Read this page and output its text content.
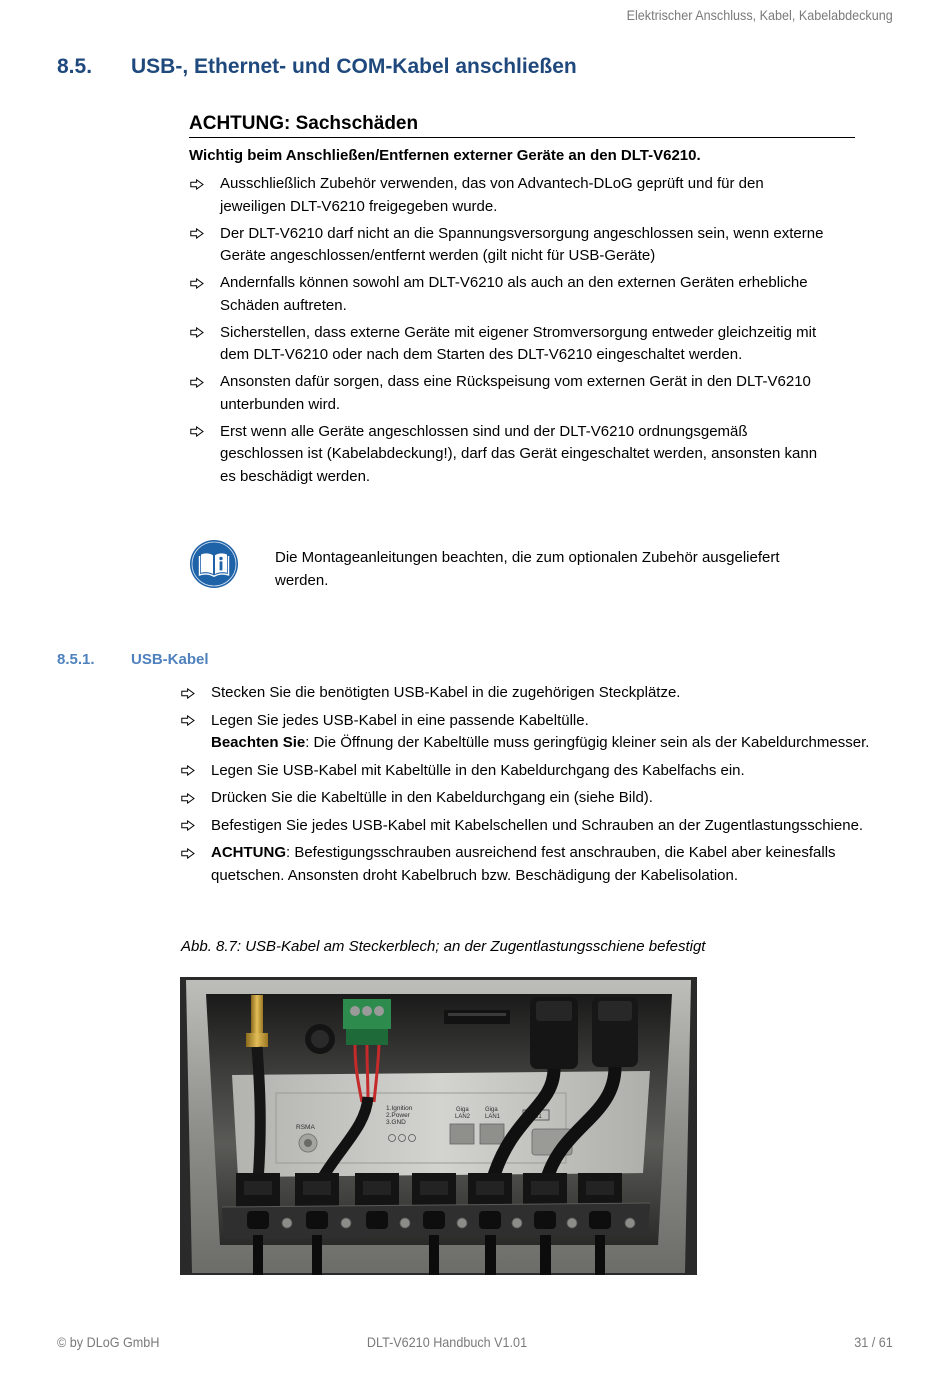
Elektrischer Anschluss, Kabel, Kabelabdeckung
8.5. USB-, Ethernet- und COM-Kabel anschließen
ACHTUNG: Sachschäden
Wichtig beim Anschließen/Entfernen externer Geräte an den DLT-V6210.
Ausschließlich Zubehör verwenden, das von Advantech-DLoG geprüft und für den
jeweiligen DLT-V6210 freigegeben wurde.
Der DLT-V6210 darf nicht an die Spannungsversorgung angeschlossen sein, wenn externe
Geräte angeschlossen/entfernt werden (gilt nicht für USB-Geräte)
Andernfalls können sowohl am DLT-V6210 als auch an den externen Geräten erhebliche
Schäden auftreten.
Sicherstellen, dass externe Geräte mit eigener Stromversorgung entweder gleichzeitig mit
dem DLT-V6210 oder nach dem Starten des DLT-V6210 eingeschaltet werden.
Ansonsten dafür sorgen, dass eine Rückspeisung vom externen Gerät in den DLT-V6210
unterbunden wird.
Erst wenn alle Geräte angeschlossen sind und der DLT-V6210 ordnungsgemäß
geschlossen ist (Kabelabdeckung!), darf das Gerät eingeschaltet werden, ansonsten kann
es beschädigt werden.
Die Montageanleitungen beachten, die zum optionalen Zubehör ausgeliefert
werden.
8.5.1. USB-Kabel
Stecken Sie die benötigten USB-Kabel in die zugehörigen Steckplätze.
Legen Sie jedes USB-Kabel in eine passende Kabeltülle.
Beachten Sie: Die Öffnung der Kabeltülle muss geringfügig kleiner sein als der Kabeldurchmesser.
Legen Sie USB-Kabel mit Kabeltülle in den Kabeldurchgang des Kabelfachs ein.
Drücken Sie die Kabeltülle in den Kabeldurchgang ein (siehe Bild).
Befestigen Sie jedes USB-Kabel mit Kabelschellen und Schrauben an der Zugentlastungsschiene.
ACHTUNG: Befestigungsschrauben ausreichend fest anschrauben, die Kabel aber keinesfalls
quetschen. Ansonsten droht Kabelbruch bzw. Beschädigung der Kabelisolation.
Abb. 8.7: USB-Kabel am Steckerblech; an der Zugentlastungsschiene befestigt
RSMA
1.Ignition
2.Power
3.GND
Giga
LAN2
Giga
LAN1	USB1
© by DLoG GmbH	DLT-V6210 Handbuch V1.01	31 / 61
